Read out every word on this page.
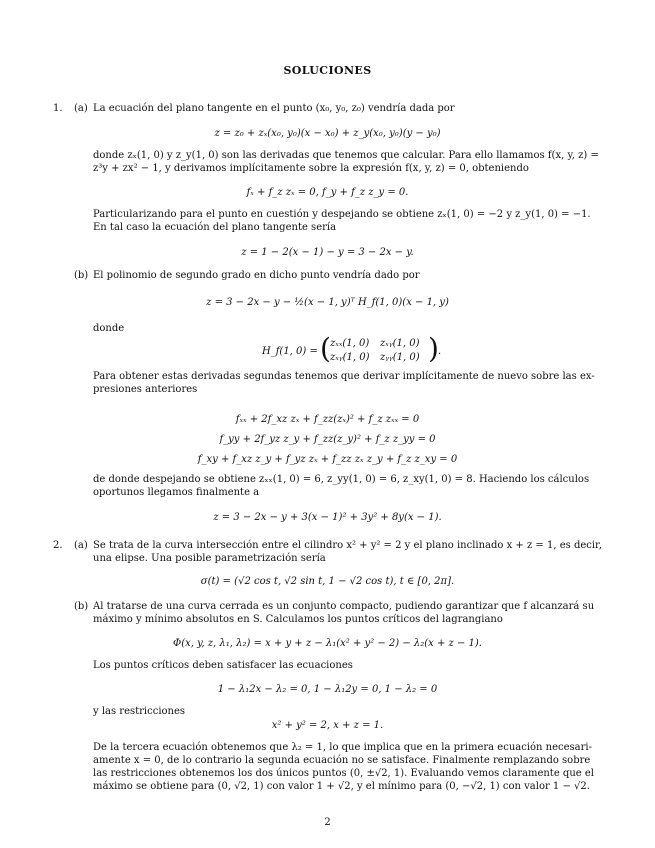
SOLUCIONES
1. (a) La ecuación del plano tangente en el punto (x₀, y₀, z₀) vendría dada por
z = z₀ + zₓ(x₀, y₀)(x − x₀) + z_y(x₀, y₀)(y − y₀)
donde zₓ(1, 0) y z_y(1, 0) son las derivadas que tenemos que calcular. Para ello llamamos f(x, y, z) =
z³y + zx² − 1, y derivamos implícitamente sobre la expresión f(x, y, z) = 0, obteniendo
fₓ + f_z zₓ = 0, f_y + f_z z_y = 0.
Particularizando para el punto en cuestión y despejando se obtiene zₓ(1, 0) = −2 y z_y(1, 0) = −1.
En tal caso la ecuación del plano tangente sería
z = 1 − 2(x − 1) − y = 3 − 2x − y.
(b) El polinomio de segundo grado en dicho punto vendría dado por
z = 3 − 2x − y − ½(x − 1, y)ᵀ H_f(1, 0)(x − 1, y)
donde
H_f(1, 0) = ( zₓₓ(1, 0) zₓᵧ(1, 0)
zₓᵧ(1, 0) zᵧᵧ(1, 0) ) .
Para obtener estas derivadas segundas tenemos que derivar implícitamente de nuevo sobre las ex-
presiones anteriores
fₓₓ + 2f_xz zₓ + f_zz(zₓ)² + f_z zₓₓ = 0
f_yy + 2f_yz z_y + f_zz(z_y)² + f_z z_yy = 0
f_xy + f_xz z_y + f_yz zₓ + f_zz zₓ z_y + f_z z_xy = 0
de donde despejando se obtiene zₓₓ(1, 0) = 6, z_yy(1, 0) = 6, z_xy(1, 0) = 8. Haciendo los cálculos
oportunos llegamos finalmente a
z = 3 − 2x − y + 3(x − 1)² + 3y² + 8y(x − 1).
2. (a) Se trata de la curva intersección entre el cilindro x² + y² = 2 y el plano inclinado x + z = 1, es decir,
una elipse. Una posible parametrización sería
σ(t) = (√2 cos t, √2 sin t, 1 − √2 cos t), t ∈ [0, 2π].
(b) Al tratarse de una curva cerrada es un conjunto compacto, pudiendo garantizar que f alcanzará su
máximo y mínimo absolutos en S. Calculamos los puntos críticos del lagrangiano
Φ(x, y, z, λ₁, λ₂) = x + y + z − λ₁(x² + y² − 2) − λ₂(x + z − 1).
Los puntos críticos deben satisfacer las ecuaciones
1 − λ₁2x − λ₂ = 0, 1 − λ₁2y = 0, 1 − λ₂ = 0
y las restricciones
x² + y² = 2, x + z = 1.
De la tercera ecuación obtenemos que λ₂ = 1, lo que implica que en la primera ecuación necesari-
amente x = 0, de lo contrario la segunda ecuación no se satisface. Finalmente remplazando sobre
las restricciones obtenemos los dos únicos puntos (0, ±√2, 1). Evaluando vemos claramente que el
máximo se obtiene para (0, √2, 1) con valor 1 + √2, y el mínimo para (0, −√2, 1) con valor 1 − √2.
2
